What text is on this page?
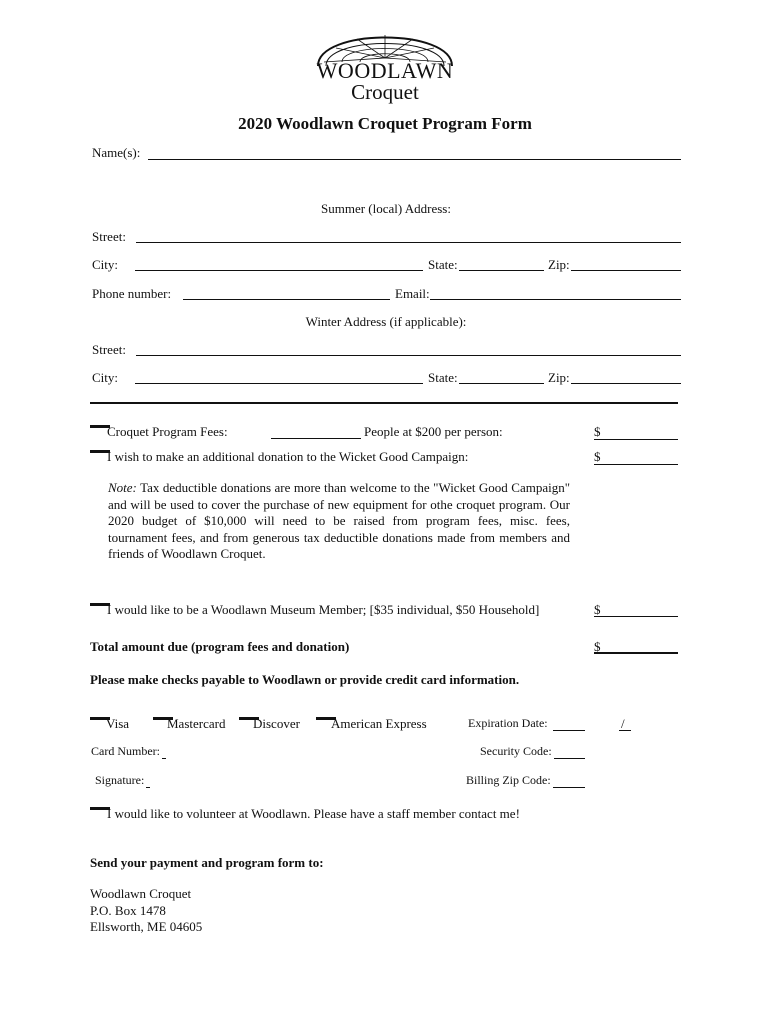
WOODLAWN
Croquet
2020 Woodlawn Croquet Program Form
Name(s):
Summer (local) Address:
Street:
City:	State:	Zip:
Phone number:	Email:
Winter Address (if applicable):
Street:
City:	State:	Zip:
Croquet Program Fees:	People at $200 per person:	$
I wish to make an additional donation to the Wicket Good Campaign:	$
Note: Tax deductible donations are more than welcome to the "Wicket Good Campaign" and will be used to cover the purchase of new equipment for othe croquet program. Our 2020 budget of $10,000 will need to be raised from program fees, misc. fees, tournament fees, and from generous tax deductible donations made from members and friends of Woodlawn Croquet.
I would like to be a Woodlawn Museum Member; [$35 individual, $50 Household]	$
Total amount due (program fees and donation)	$
Please make checks payable to Woodlawn or provide credit card information.
Visa	Mastercard Discover American Express	Expiration Date:	/
Card Number:	Security Code:
Signature:	Billing Zip Code:
I would like to volunteer at Woodlawn. Please have a staff member contact me!
Send your payment and program form to:
Woodlawn Croquet
P.O. Box 1478
Ellsworth, ME 04605
